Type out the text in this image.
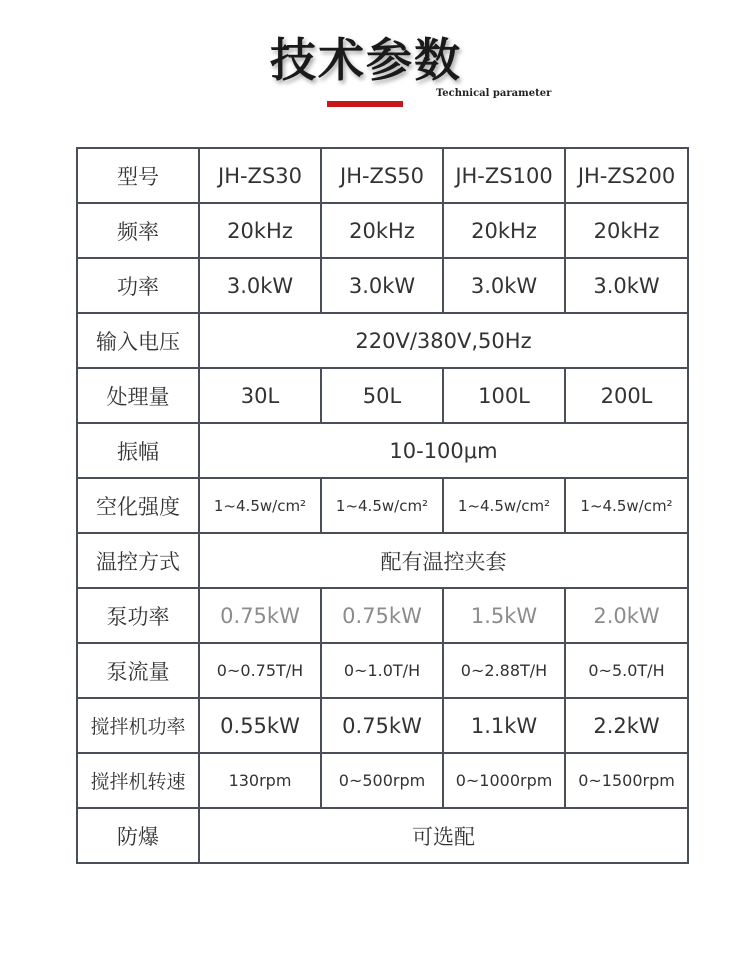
技术参数
Technical parameter
型号	JH-ZS30	JH-ZS50	JH-ZS100	JH-ZS200
频率	20kHz	20kHz	20kHz	20kHz
功率	3.0kW	3.0kW	3.0kW	3.0kW
输入电压	220V/380V,50Hz			
处理量	30L	50L	100L	200L
振幅	10-100μm			
空化强度	1~4.5w/cm²	1~4.5w/cm²	1~4.5w/cm²	1~4.5w/cm²
温控方式	配有温控夹套			
泵功率	0.75kW	0.75kW	1.5kW	2.0kW
泵流量	0~0.75T/H	0~1.0T/H	0~2.88T/H	0~5.0T/H
搅拌机功率	0.55kW	0.75kW	1.1kW	2.2kW
搅拌机转速	130rpm	0~500rpm	0~1000rpm	0~1500rpm
防爆	可选配			
